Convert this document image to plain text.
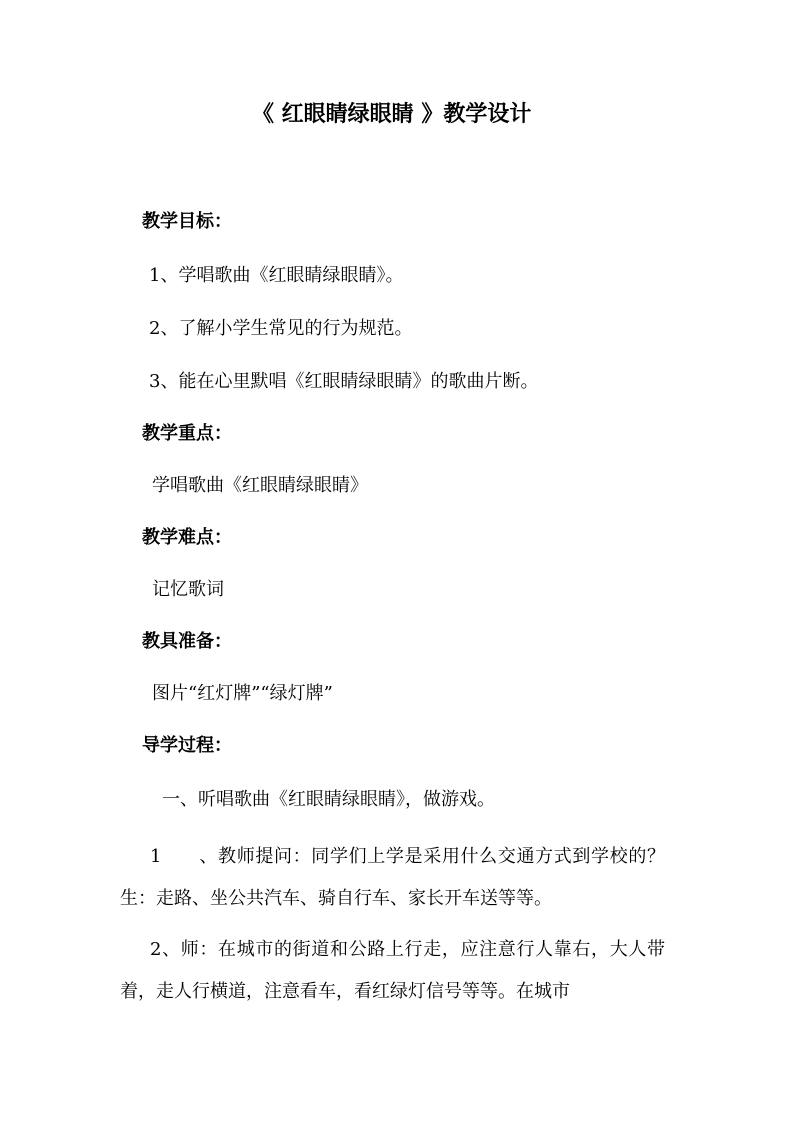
《 红眼睛绿眼睛 》教学设计
教学目标：
1、学唱歌曲《红眼睛绿眼睛》。
2、了解小学生常见的行为规范。
3、能在心里默唱《红眼睛绿眼睛》的歌曲片断。
教学重点：
学唱歌曲《红眼睛绿眼睛》
教学难点：
记忆歌词
教具准备：
图片“红灯牌”“绿灯牌”
导学过程：
一、听唱歌曲《红眼睛绿眼睛》，做游戏。
1　　、教师提问：同学们上学是采用什么交通方式到学校的？生：走路、坐公共汽车、骑自行车、家长开车送等等。
2、师：在城市的街道和公路上行走，应注意行人靠右，大人带着，走人行横道，注意看车，看红绿灯信号等等。在城市
